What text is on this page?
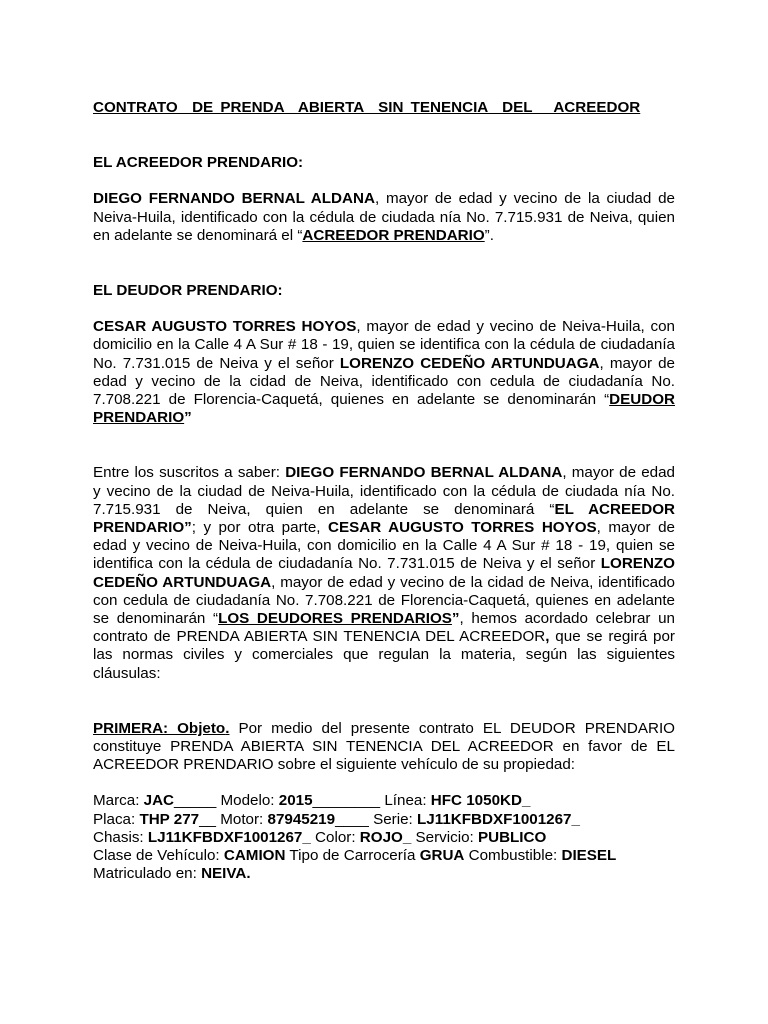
CONTRATO  DE PRENDA  ABIERTA  SIN TENENCIA  DEL   ACREEDOR

EL ACREEDOR PRENDARIO:

DIEGO FERNANDO BERNAL ALDANA, mayor de edad y vecino de la ciudad de Neiva-Huila, identificado con la cédula de ciudada nía No. 7.715.931 de Neiva, quien en adelante se denominará el “ACREEDOR PRENDARIO”.

EL DEUDOR PRENDARIO:

CESAR AUGUSTO TORRES HOYOS, mayor de edad y vecino de Neiva-Huila, con domicilio en la Calle 4 A Sur # 18 - 19, quien se identifica con la cédula de ciudadanía No. 7.731.015 de Neiva y el señor LORENZO CEDEÑO ARTUNDUAGA, mayor de edad y vecino de la cidad de Neiva, identificado con cedula de ciudadanía No. 7.708.221 de Florencia-Caquetá, quienes en adelante se denominarán “DEUDOR PRENDARIO”

Entre los suscritos a saber: DIEGO FERNANDO BERNAL ALDANA, mayor de edad y vecino de la ciudad de Neiva-Huila, identificado con la cédula de ciudada nía No. 7.715.931 de Neiva, quien en adelante se denominará “EL ACREEDOR PRENDARIO”; y por otra parte, CESAR AUGUSTO TORRES HOYOS, mayor de edad y vecino de Neiva-Huila, con domicilio en la Calle 4 A Sur # 18 - 19, quien se identifica con la cédula de ciudadanía No. 7.731.015 de Neiva y el señor LORENZO CEDEÑO ARTUNDUAGA, mayor de edad y vecino de la cidad de Neiva, identificado con cedula de ciudadanía No. 7.708.221 de Florencia-Caquetá, quienes en adelante se denominarán “LOS DEUDORES PRENDARIOS”, hemos acordado celebrar un contrato de PRENDA ABIERTA SIN TENENCIA DEL ACREEDOR, que se regirá por las normas civiles y comerciales que regulan la materia, según las siguientes cláusulas:

PRIMERA: Objeto. Por medio del presente contrato EL DEUDOR PRENDARIO constituye PRENDA ABIERTA SIN TENENCIA DEL ACREEDOR en favor de EL ACREEDOR PRENDARIO sobre el siguiente vehículo de su propiedad:

Marca: JAC_____ Modelo: 2015________ Línea: HFC 1050KD_

Placa: THP 277__ Motor: 87945219____ Serie: LJ11KFBDXF1001267_

Chasis: LJ11KFBDXF1001267_ Color: ROJO_ Servicio: PUBLICO

Clase de Vehículo: CAMION Tipo de Carrocería GRUA Combustible: DIESEL

Matriculado en: NEIVA.
